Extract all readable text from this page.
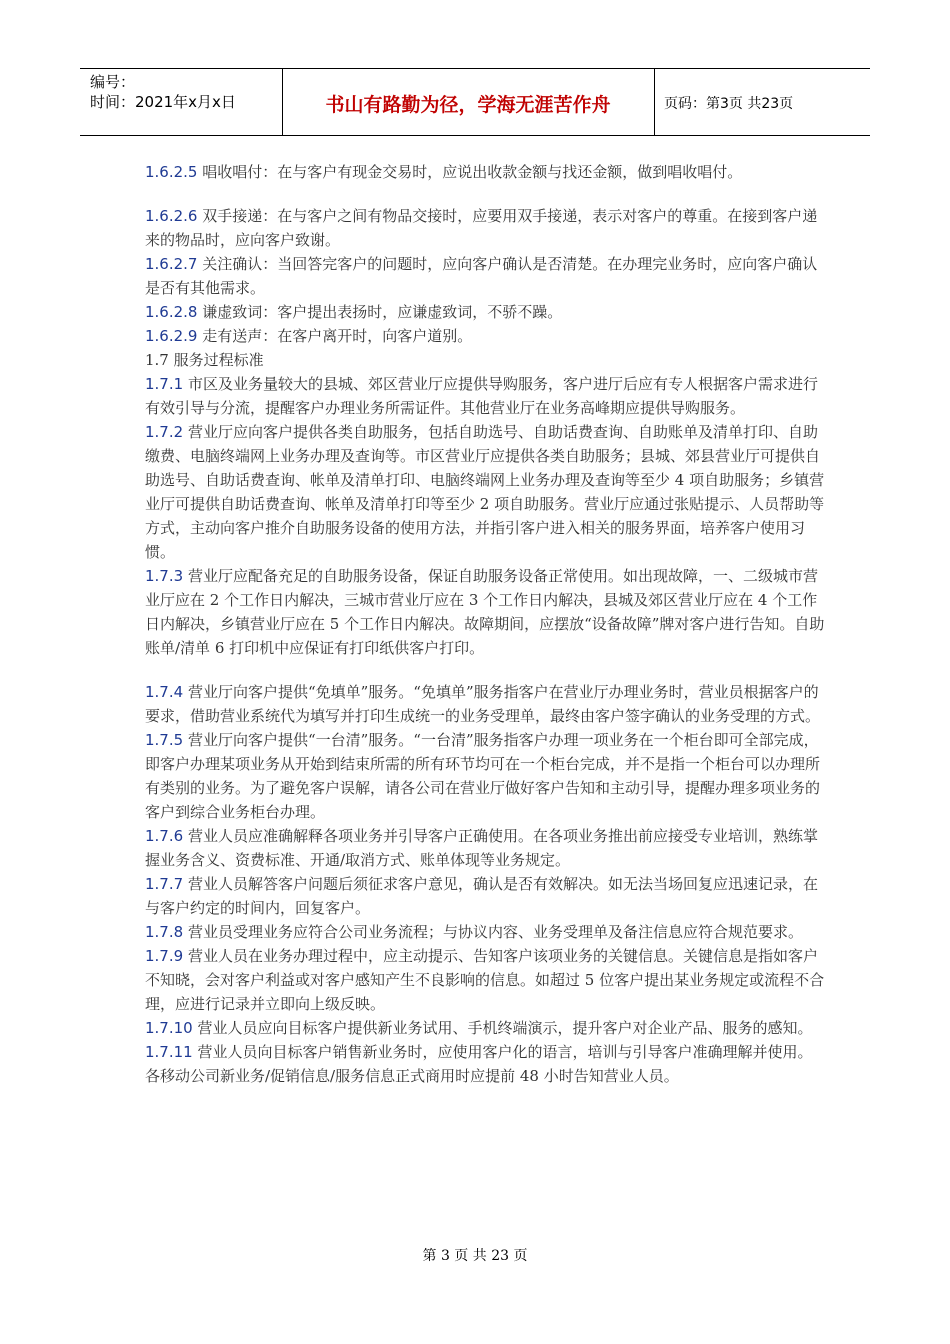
编号：
时间：2021年x月x日	书山有路勤为径，学海无涯苦作舟	页码：第3页 共23页

1.6.2.5 唱收唱付：在与客户有现金交易时，应说出收款金额与找还金额，做到唱收唱付。

1.6.2.6 双手接递：在与客户之间有物品交接时，应要用双手接递，表示对客户的尊重。在接到客户递来的物品时，应向客户致谢。

1.6.2.7 关注确认：当回答完客户的问题时，应向客户确认是否清楚。在办理完业务时，应向客户确认是否有其他需求。

1.6.2.8 谦虚致词：客户提出表扬时，应谦虚致词，不骄不躁。

1.6.2.9 走有送声：在客户离开时，向客户道别。

1.7 服务过程标准

1.7.1 市区及业务量较大的县城、郊区营业厅应提供导购服务，客户进厅后应有专人根据客户需求进行有效引导与分流，提醒客户办理业务所需证件。其他营业厅在业务高峰期应提供导购服务。

1.7.2 营业厅应向客户提供各类自助服务，包括自助选号、自助话费查询、自助账单及清单打印、自助缴费、电脑终端网上业务办理及查询等。市区营业厅应提供各类自助服务；县城、郊县营业厅可提供自助选号、自助话费查询、帐单及清单打印、电脑终端网上业务办理及查询等至少 4 项自助服务；乡镇营业厅可提供自助话费查询、帐单及清单打印等至少 2 项自助服务。营业厅应通过张贴提示、人员帮助等方式，主动向客户推介自助服务设备的使用方法，并指引客户进入相关的服务界面，培养客户使用习惯。

1.7.3 营业厅应配备充足的自助服务设备，保证自助服务设备正常使用。如出现故障，一、二级城市营业厅应在 2 个工作日内解决，三城市营业厅应在 3 个工作日内解决，县城及郊区营业厅应在 4 个工作日内解决，乡镇营业厅应在 5 个工作日内解决。故障期间，应摆放“设备故障”牌对客户进行告知。自助账单/清单 6 打印机中应保证有打印纸供客户打印。

1.7.4 营业厅向客户提供“免填单”服务。“免填单”服务指客户在营业厅办理业务时，营业员根据客户的要求，借助营业系统代为填写并打印生成统一的业务受理单，最终由客户签字确认的业务受理的方式。

1.7.5 营业厅向客户提供“一台清”服务。“一台清”服务指客户办理一项业务在一个柜台即可全部完成，即客户办理某项业务从开始到结束所需的所有环节均可在一个柜台完成，并不是指一个柜台可以办理所有类别的业务。为了避免客户误解，请各公司在营业厅做好客户告知和主动引导，提醒办理多项业务的客户到综合业务柜台办理。

1.7.6 营业人员应准确解释各项业务并引导客户正确使用。在各项业务推出前应接受专业培训，熟练掌握业务含义、资费标准、开通/取消方式、账单体现等业务规定。

1.7.7 营业人员解答客户问题后须征求客户意见，确认是否有效解决。如无法当场回复应迅速记录，在与客户约定的时间内，回复客户。

1.7.8 营业员受理业务应符合公司业务流程；与协议内容、业务受理单及备注信息应符合规范要求。

1.7.9 营业人员在业务办理过程中，应主动提示、告知客户该项业务的关键信息。关键信息是指如客户不知晓，会对客户利益或对客户感知产生不良影响的信息。如超过 5 位客户提出某业务规定或流程不合理，应进行记录并立即向上级反映。

1.7.10 营业人员应向目标客户提供新业务试用、手机终端演示，提升客户对企业产品、服务的感知。

1.7.11 营业人员向目标客户销售新业务时，应使用客户化的语言，培训与引导客户准确理解并使用。各移动公司新业务/促销信息/服务信息正式商用时应提前 48 小时告知营业人员。

第 3 页 共 23 页
